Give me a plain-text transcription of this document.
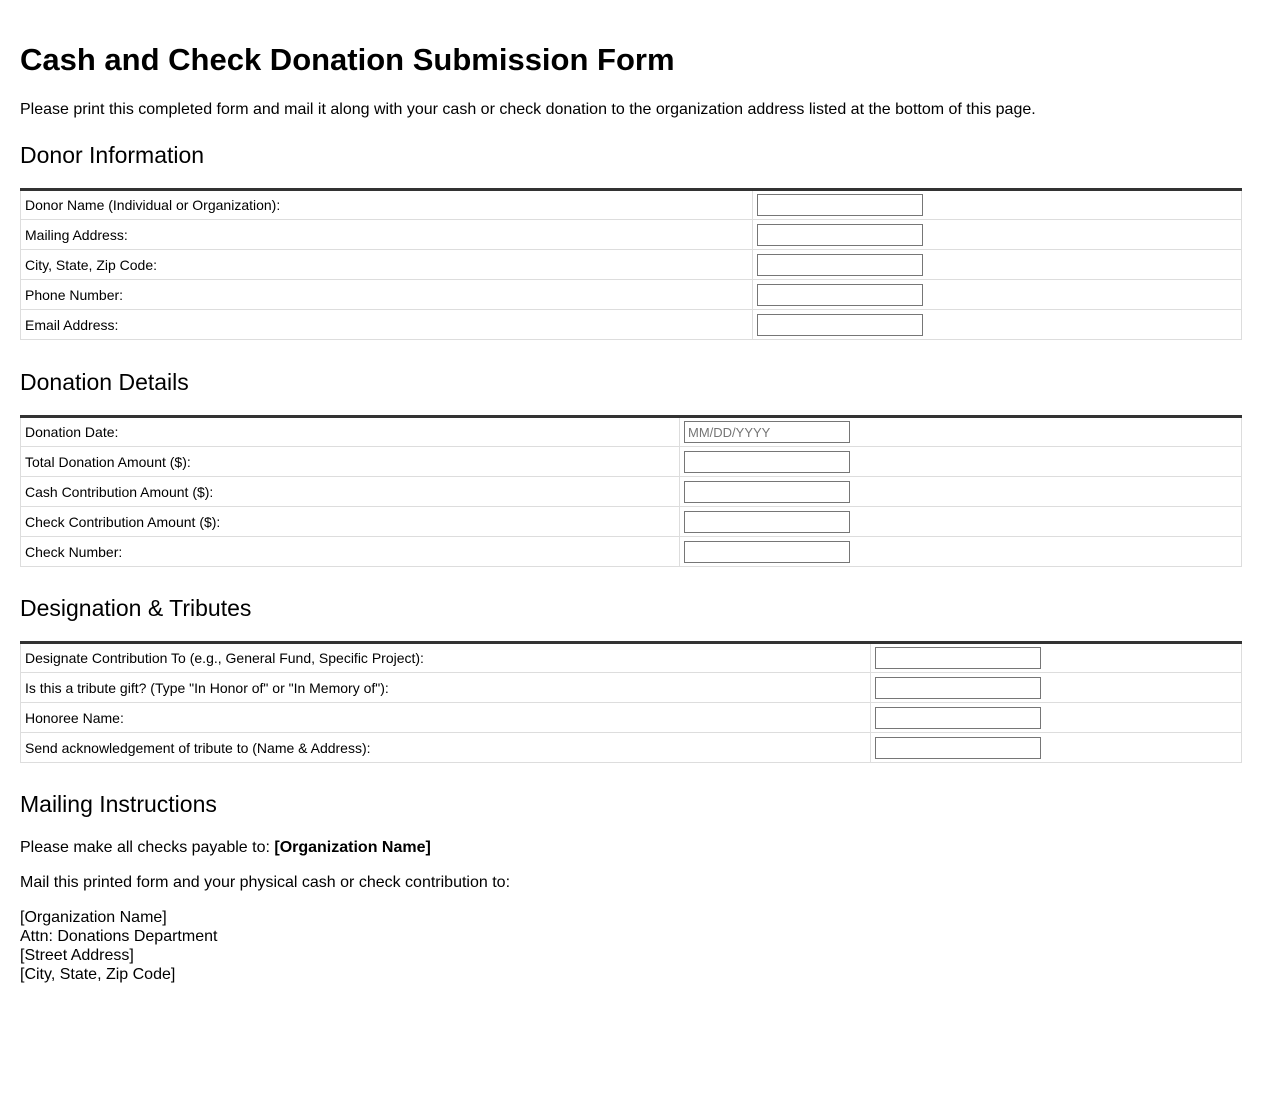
Cash and Check Donation Submission Form

Please print this completed form and mail it along with your cash or check donation to the organization address listed at the bottom of this page.

Donor Information
Donor Name (Individual or Organization):	

Mailing Address:	

City, State, Zip Code:	

Phone Number:	

Email Address:	
Donation Details
Donation Date:	
MM/DD/YYYY
Total Donation Amount ($):	

Cash Contribution Amount ($):	

Check Contribution Amount ($):	

Check Number:	
Designation & Tributes
Designate Contribution To (e.g., General Fund, Specific Project):	

Is this a tribute gift? (Type "In Honor of" or "In Memory of"):	

Honoree Name:	

Send acknowledgement of tribute to (Name & Address):	
Mailing Instructions

Please make all checks payable to: [Organization Name]

Mail this printed form and your physical cash or check contribution to:

[Organization Name]
Attn: Donations Department
[Street Address]
[City, State, Zip Code]
